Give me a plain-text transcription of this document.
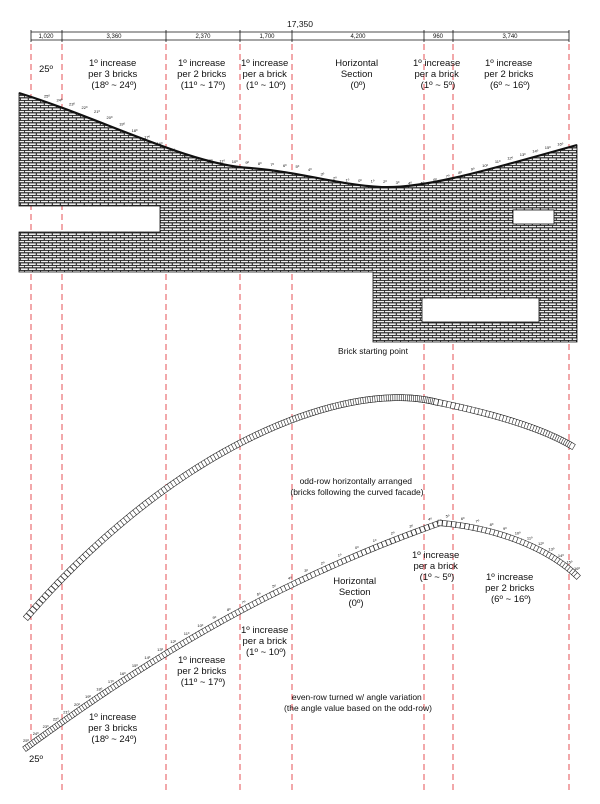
17,350
1,020	3,360	2,370	1,700	4,200	960	3,740
25º
1º increase per 3 bricks (18º ~ 24º)
1º increase per 2 bricks (11º ~ 17º)
1º increase per a brick (1º ~ 10º)
Horizontal Section (0º)
1º increase per a brick (1º ~ 5º)
1º increase per 2 bricks (6º ~ 16º)
25º
24º
23º
22º
21º
20º
19º
18º
17º
16º
15º
14º
13º 12º 11º 10º 9º 8º 7º 6º 5º
4º
3º
2º 1º 0º 1º 2º 3º 4º 5º
6º
7º
8º
9º
10º
11º
12º
13º
14º
15º
16º
Brick starting point
25º
24º
23º
22º
21º
20º
19º
18º
17º
16º
15º
14º
13º
12º
11º
10º
9º
8º
7º
6º
5º
4º
3º
2º
1º
0º
1º
2º
3º
4º
5º	6º
7º
8º
9º
10º
11º
12º
13º
14º
15º
16º
odd-row horizontally arranged (bricks following the curved facade)
even-row turned w/ angle variation (the angle value based on the odd-row)
1º increase per a brick (1º ~ 5º)	1º increase per 2 bricks (6º ~ 16º)
Horizontal Section (0º)
1º increase per a brick (1º ~ 10º)
1º increase per 2 bricks (11º ~ 17º)
1º increase per 3 bricks (18º ~ 24º)
25º
